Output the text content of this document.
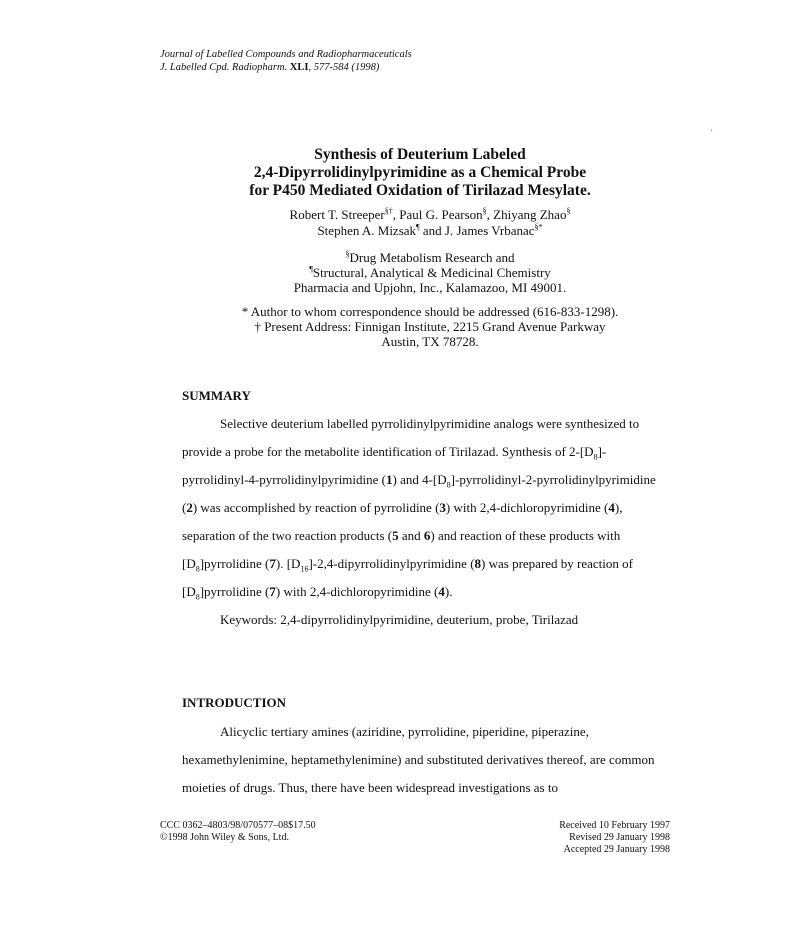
Journal of Labelled Compounds and Radiopharmaceuticals
J. Labelled Cpd. Radiopharm. XLI, 577-584 (1998)
'
Synthesis of Deuterium Labeled
2,4-Dipyrrolidinylpyrimidine as a Chemical Probe
for P450 Mediated Oxidation of Tirilazad Mesylate.
Robert T. Streeper§†, Paul G. Pearson§, Zhiyang Zhao§
Stephen A. Mizsak¶ and J. James Vrbanac§*
§Drug Metabolism Research and
¶Structural, Analytical & Medicinal Chemistry
Pharmacia and Upjohn, Inc., Kalamazoo, MI 49001.
* Author to whom correspondence should be addressed (616-833-1298).
† Present Address: Finnigan Institute, 2215 Grand Avenue Parkway
Austin, TX 78728.
SUMMARY

Selective deuterium labelled pyrrolidinylpyrimidine analogs were synthesized to provide a probe for the metabolite identification of Tirilazad. Synthesis of $2-[D_8]-pyrrolidinyl-4$-pyrrolidinylpyrimidine (1) and $4-[D_8]-pyrrolidinyl-2$-pyrrolidinylpyrimidine (2) was accomplished by reaction of pyrrolidine (3) with 2,4-dichloropyrimidine (4), separation of the two reaction products (5 and 6) and reaction of these products with $[D_8]pyrrolidine$ (7). $[D_{16}]-2,4$-dipyrrolidinylpyrimidine (8) was prepared by reaction of $[D_8]pyrrolidine$ (7) with 2,4-dichloropyrimidine (4).

Keywords: 2,4-dipyrrolidinylpyrimidine, deuterium, probe, Tirilazad

INTRODUCTION

Alicyclic tertiary amines (aziridine, pyrrolidine, piperidine, piperazine, hexamethylenimine, heptamethylenimine) and substituted derivatives thereof, are common moieties of drugs. Thus, there have been widespread investigations as to

CCC 0362–4803/98/070577–08$17.50
©1998 John Wiley & Sons, Ltd.
Received 10 February 1997
Revised 29 January 1998
Accepted 29 January 1998
